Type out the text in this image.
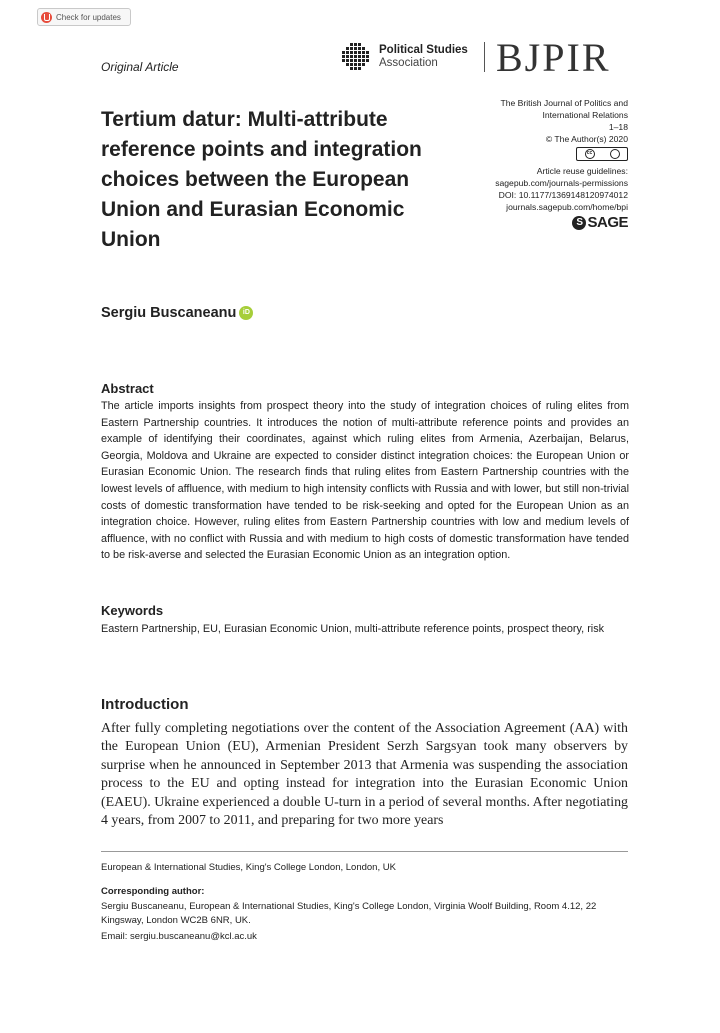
Check for updates
Original Article
Political Studies
Association	BJPIR
The British Journal of Politics and
International Relations
1–18
© The Author(s) 2020
cc
Article reuse guidelines:
sagepub.com/journals-permissions
DOI: 10.1177/1369148120974012
journals.sagepub.com/home/bpi
S SAGE
Tertium datur: Multi-attribute reference points and integration choices between the European Union and Eurasian Economic Union
Sergiu Buscaneanu iD
Abstract
The article imports insights from prospect theory into the study of integration choices of ruling elites from Eastern Partnership countries. It introduces the notion of multi-attribute reference points and provides an example of identifying their coordinates, against which ruling elites from Armenia, Azerbaijan, Belarus, Georgia, Moldova and Ukraine are expected to consider distinct integration choices: the European Union or Eurasian Economic Union. The research finds that ruling elites from Eastern Partnership countries with the lowest levels of affluence, with medium to high intensity conflicts with Russia and with lower, but still non-trivial costs of domestic transformation have tended to be risk-seeking and opted for the European Union as an integration choice. However, ruling elites from Eastern Partnership countries with low and medium levels of affluence, with no conflict with Russia and with medium to high costs of domestic transformation have tended to be risk-averse and selected the Eurasian Economic Union as an integration option.
Keywords
Eastern Partnership, EU, Eurasian Economic Union, multi-attribute reference points, prospect theory, risk
Introduction
After fully completing negotiations over the content of the Association Agreement (AA) with the European Union (EU), Armenian President Serzh Sargsyan took many observers by surprise when he announced in September 2013 that Armenia was suspending the association process to the EU and opting instead for integration into the Eurasian Economic Union (EAEU). Ukraine experienced a double U-turn in a period of several months. After negotiating 4 years, from 2007 to 2011, and preparing for two more years
European & International Studies, King's College London, London, UK
Corresponding author:
Sergiu Buscaneanu, European & International Studies, King's College London, Virginia Woolf Building, Room 4.12, 22 Kingsway, London WC2B 6NR, UK.
Email: sergiu.buscaneanu@kcl.ac.uk
